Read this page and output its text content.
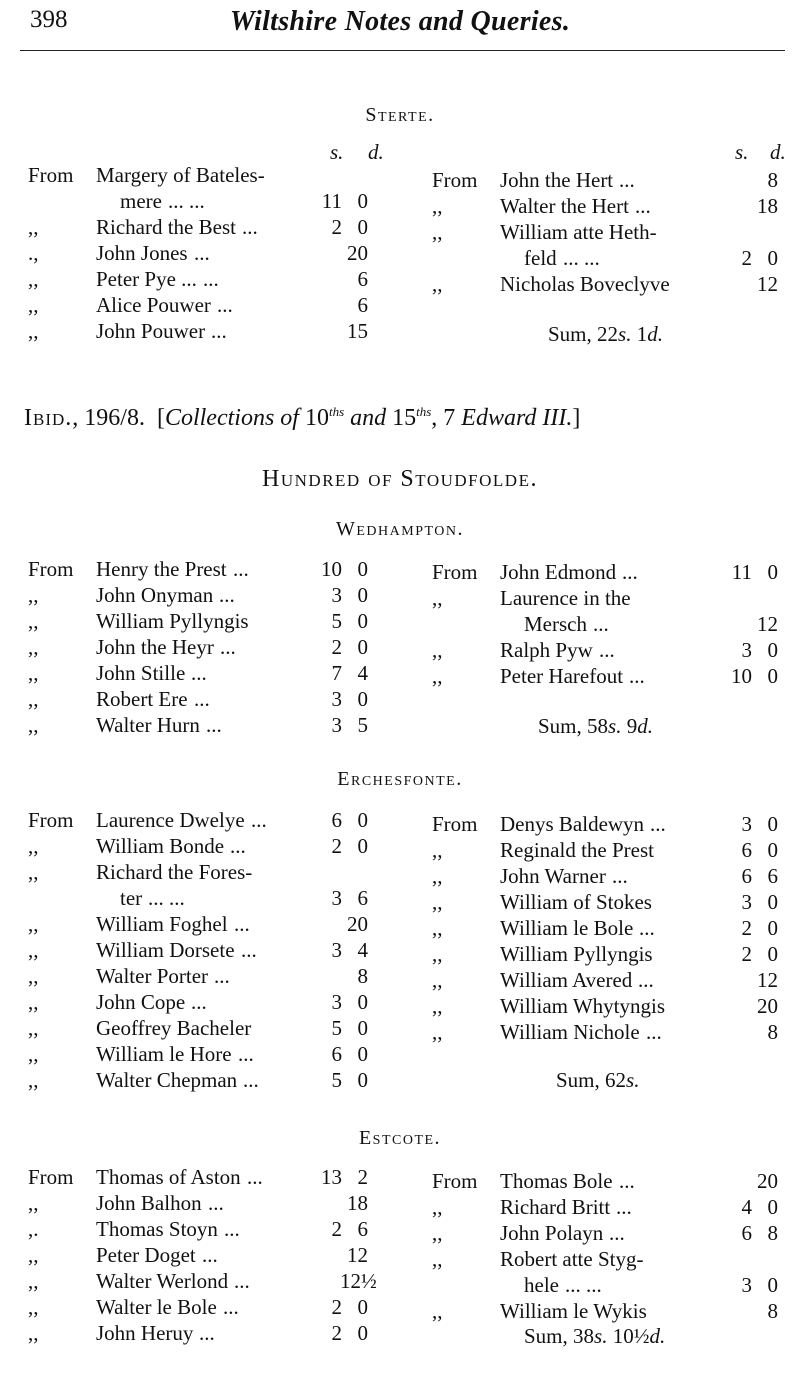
398	Wiltshire Notes and Queries.
Sterte.
s. d.	s. d.
From Margery of Bateles-
mere ... ...	11 0
,,	Richard the Best ...	2 0
.,	John Jones ...	20
,,	Peter Pye ... ...	6
,,	Alice Pouwer ...	6
,,	John Pouwer ...	15
From John the Hert ...	8
,,	Walter the Hert ...	18
,,	William atte Heth-
feld ... ...	2 0
,,	Nicholas Boveclyve	12
Sum, 22s. 1d.
Ibid., 196/8. [Collections of $10^{ths}$ and $15^{ths}$, 7 Edward III.]
Hundred of Stoudfolde.
Wedhampton.
From Henry the Prest ...	10 0
,,	John Onyman ...	3 0
,,	William Pyllyngis	5 0
,,	John the Heyr ...	2 0
,,	John Stille ...	7 4
,,	Robert Ere ...	3 0
,,	Walter Hurn ...	3 5
From John Edmond ...	11 0
,,	Laurence in the
Mersch ...	12
,,	Ralph Pyw ...	3 0
,,	Peter Harefout ...	10 0
Sum, 58s. 9d.
Erchesfonte.
From Laurence Dwelye ...	6 0
,,	William Bonde ...	2 0
,,	Richard the Fores-
ter ... ...	3 6
,,	William Foghel ...	20
,,	William Dorsete ...	3 4
,,	Walter Porter ...	8
,,	John Cope ...	3 0
,,	Geoffrey Bacheler	5 0
,,	William le Hore ...	6 0
,,	Walter Chepman ...	5 0
From Denys Baldewyn ...	3 0
,,	Reginald the Prest	6 0
,,	John Warner ...	6 6
,,	William of Stokes	3 0
,,	William le Bole ...	2 0
,,	William Pyllyngis	2 0
,,	William Avered ...	12
,,	William Whytyngis	20
,,	William Nichole ...	8
Sum, 62s.
Estcote.
From Thomas of Aston ...	13 2
,,	John Balhon ...	18
,.	Thomas Stoyn ...	2 6
,,	Peter Doget ...	12
,,	Walter Werlond ...	12½
,,	Walter le Bole ...	2 0
,,	John Heruy ...	2 0
From Thomas Bole ...	20
,,	Richard Britt ...	4 0
,,	John Polayn ...	6 8
,,	Robert atte Styg-
hele ... ...	3 0
,,	William le Wykis	8
Sum, 38s. 10½d.
